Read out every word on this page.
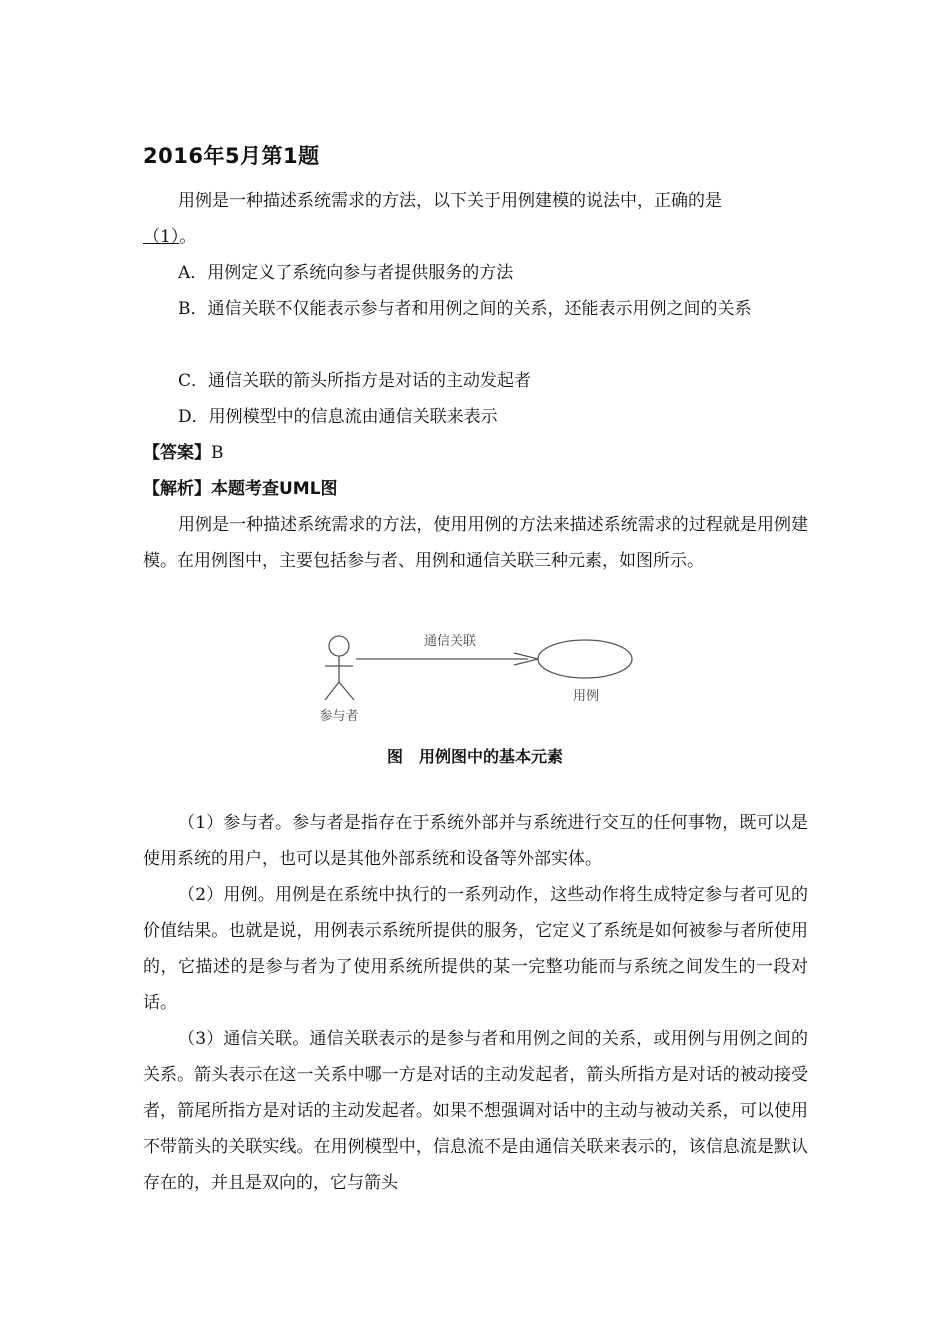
2016年5月第1题
用例是一种描述系统需求的方法，以下关于用例建模的说法中，正确的是
（1）。
A．用例定义了系统向参与者提供服务的方法
B．通信关联不仅能表示参与者和用例之间的关系，还能表示用例之间的关系
C．通信关联的箭头所指方是对话的主动发起者
D．用例模型中的信息流由通信关联来表示
【答案】B
【解析】本题考查UML图
用例是一种描述系统需求的方法，使用用例的方法来描述系统需求的过程就是用例建模。在用例图中，主要包括参与者、用例和通信关联三种元素，如图所示。
通信关联
用例
参与者
图　用例图中的基本元素
（1）参与者。参与者是指存在于系统外部并与系统进行交互的任何事物，既可以是使用系统的用户，也可以是其他外部系统和设备等外部实体。
（2）用例。用例是在系统中执行的一系列动作，这些动作将生成特定参与者可见的价值结果。也就是说，用例表示系统所提供的服务，它定义了系统是如何被参与者所使用的，它描述的是参与者为了使用系统所提供的某一完整功能而与系统之间发生的一段对话。
（3）通信关联。通信关联表示的是参与者和用例之间的关系，或用例与用例之间的关系。箭头表示在这一关系中哪一方是对话的主动发起者，箭头所指方是对话的被动接受者，箭尾所指方是对话的主动发起者。如果不想强调对话中的主动与被动关系，可以使用不带箭头的关联实线。在用例模型中，信息流不是由通信关联来表示的，该信息流是默认存在的，并且是双向的，它与箭头
